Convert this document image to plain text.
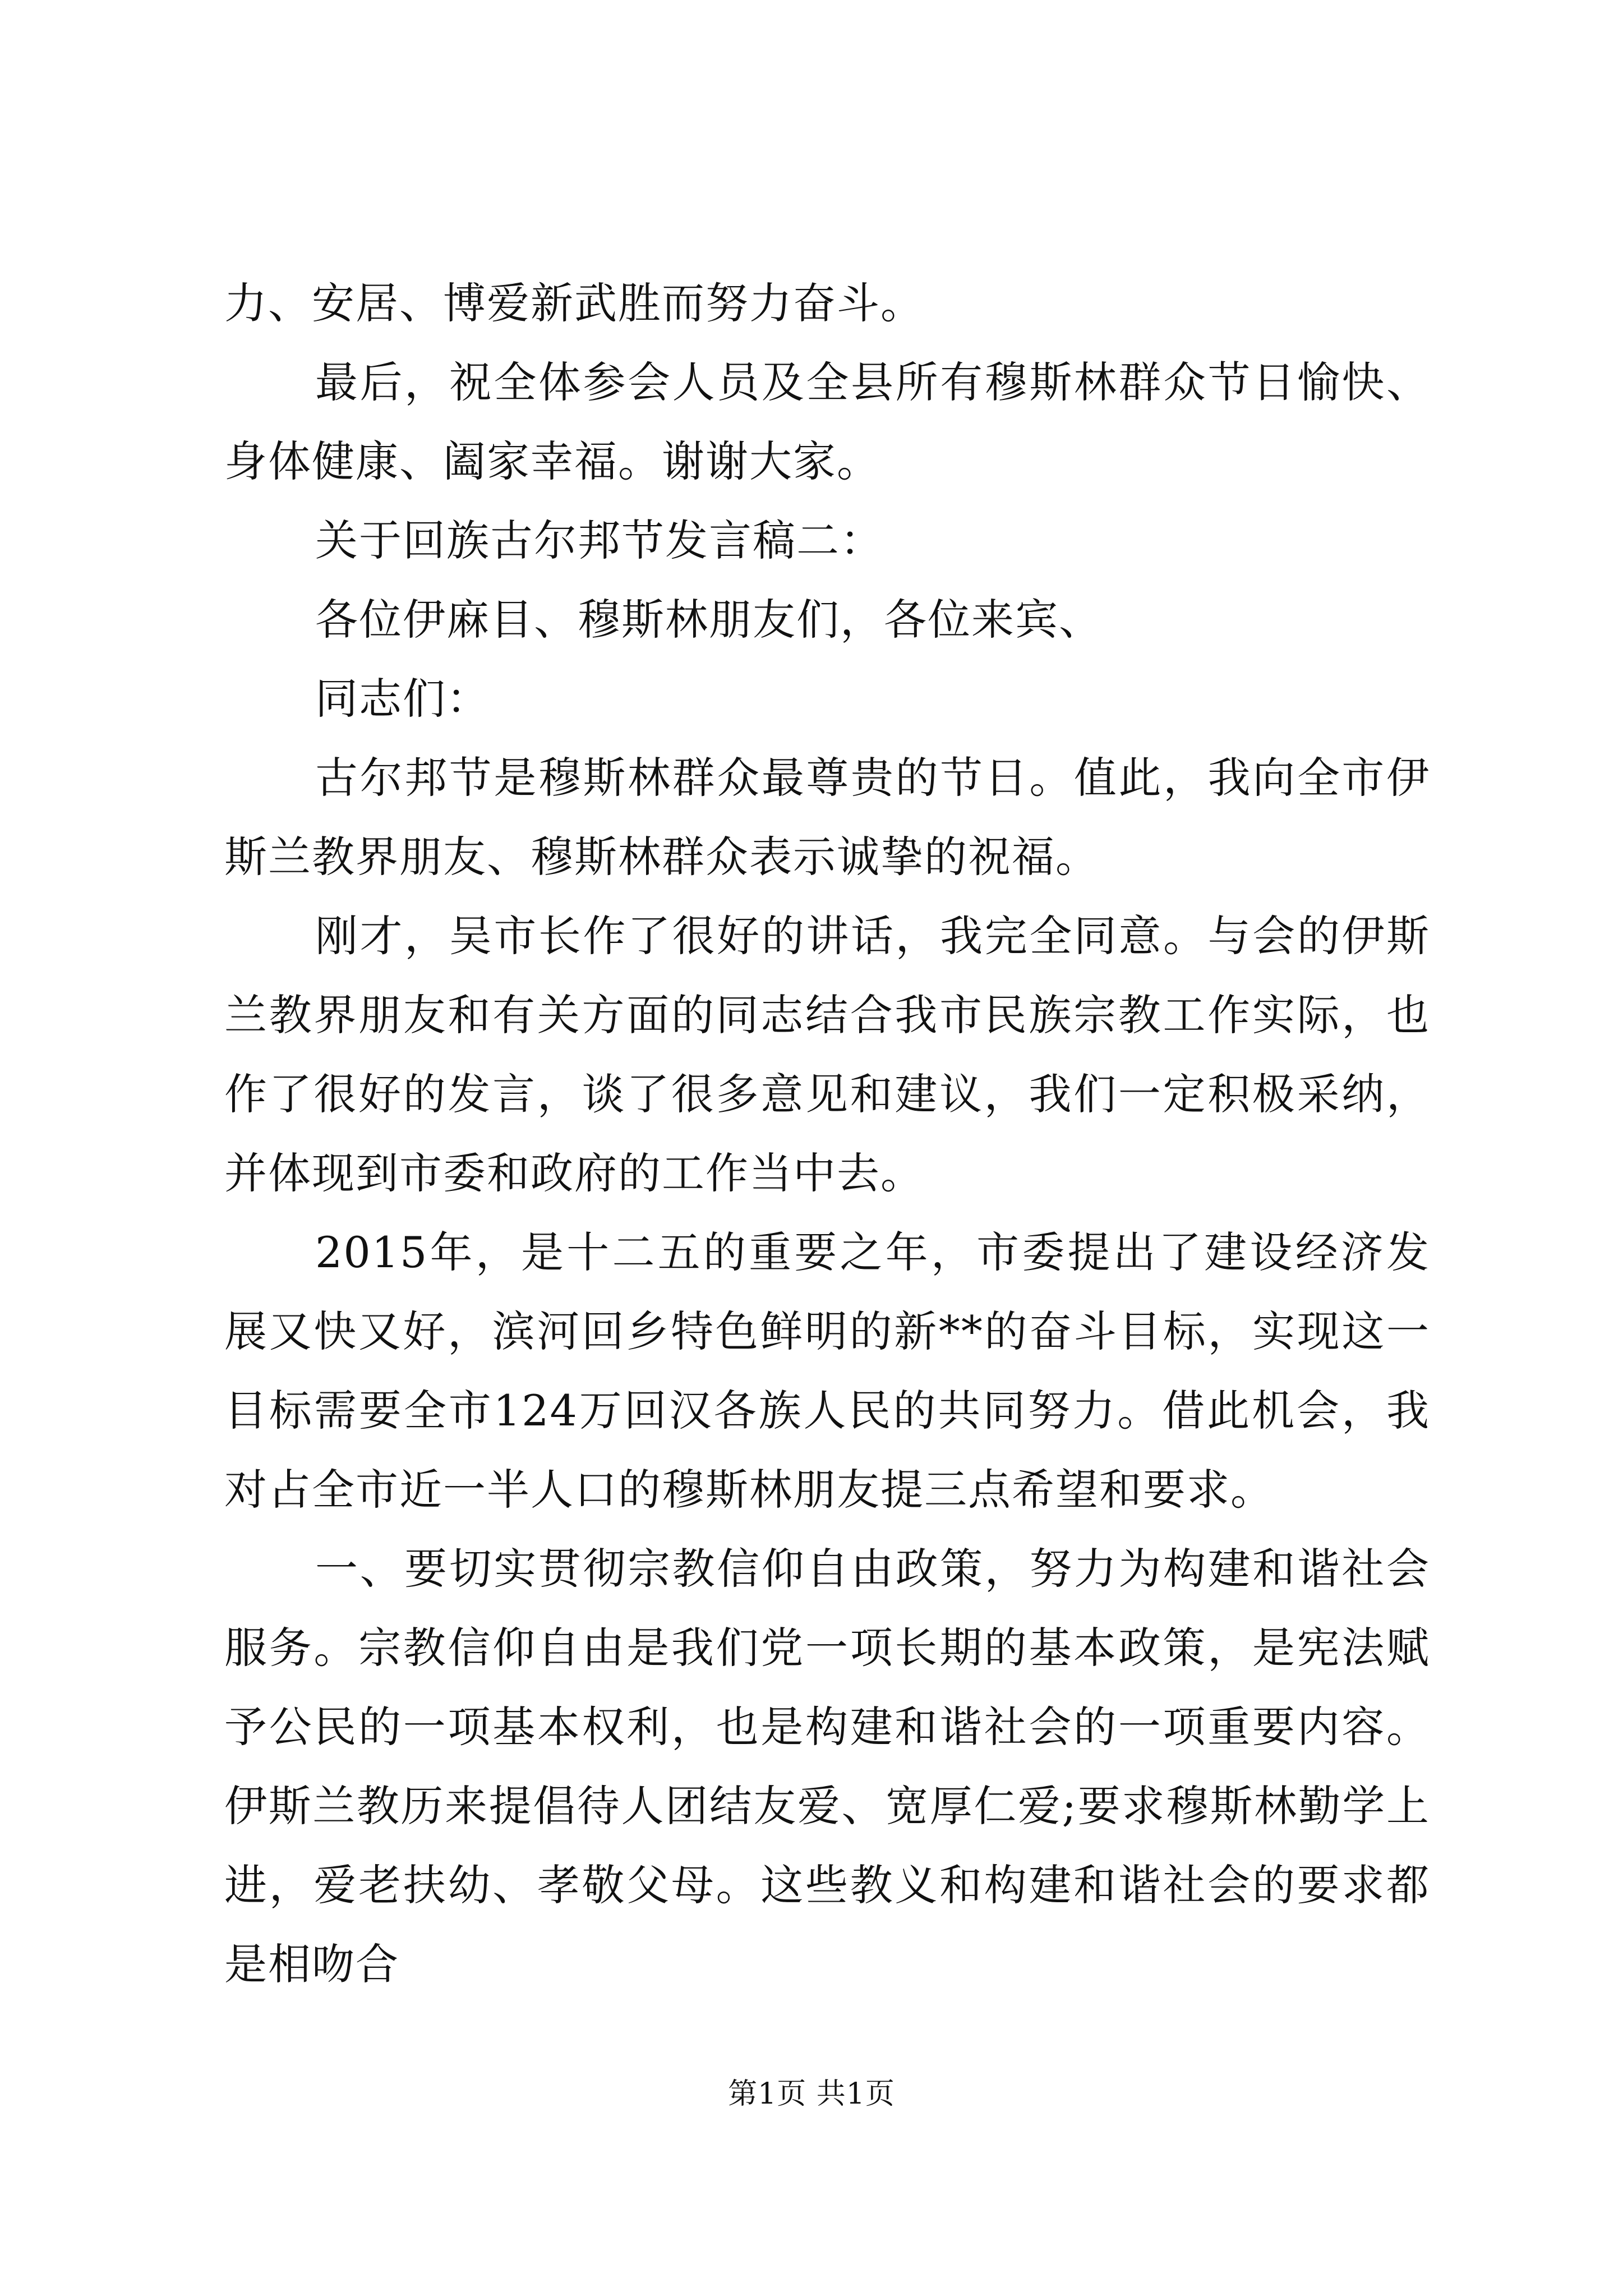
力、安居、博爱新武胜而努力奋斗。

最后，祝全体参会人员及全县所有穆斯林群众节日愉快、身体健康、阖家幸福。谢谢大家。

关于回族古尔邦节发言稿二：

各位伊麻目、穆斯林朋友们，各位来宾、

同志们：

古尔邦节是穆斯林群众最尊贵的节日。值此，我向全市伊斯兰教界朋友、穆斯林群众表示诚挚的祝福。

刚才，吴市长作了很好的讲话，我完全同意。与会的伊斯兰教界朋友和有关方面的同志结合我市民族宗教工作实际，也作了很好的发言，谈了很多意见和建议，我们一定积极采纳，并体现到市委和政府的工作当中去。

2015年，是十二五的重要之年，市委提出了建设经济发展又快又好，滨河回乡特色鲜明的新**的奋斗目标，实现这一目标需要全市124万回汉各族人民的共同努力。借此机会，我对占全市近一半人口的穆斯林朋友提三点希望和要求。

一、要切实贯彻宗教信仰自由政策，努力为构建和谐社会服务。宗教信仰自由是我们党一项长期的基本政策，是宪法赋予公民的一项基本权利，也是构建和谐社会的一项重要内容。伊斯兰教历来提倡待人团结友爱、宽厚仁爱;要求穆斯林勤学上进，爱老扶幼、孝敬父母。这些教义和构建和谐社会的要求都是相吻合

第1页 共1页
